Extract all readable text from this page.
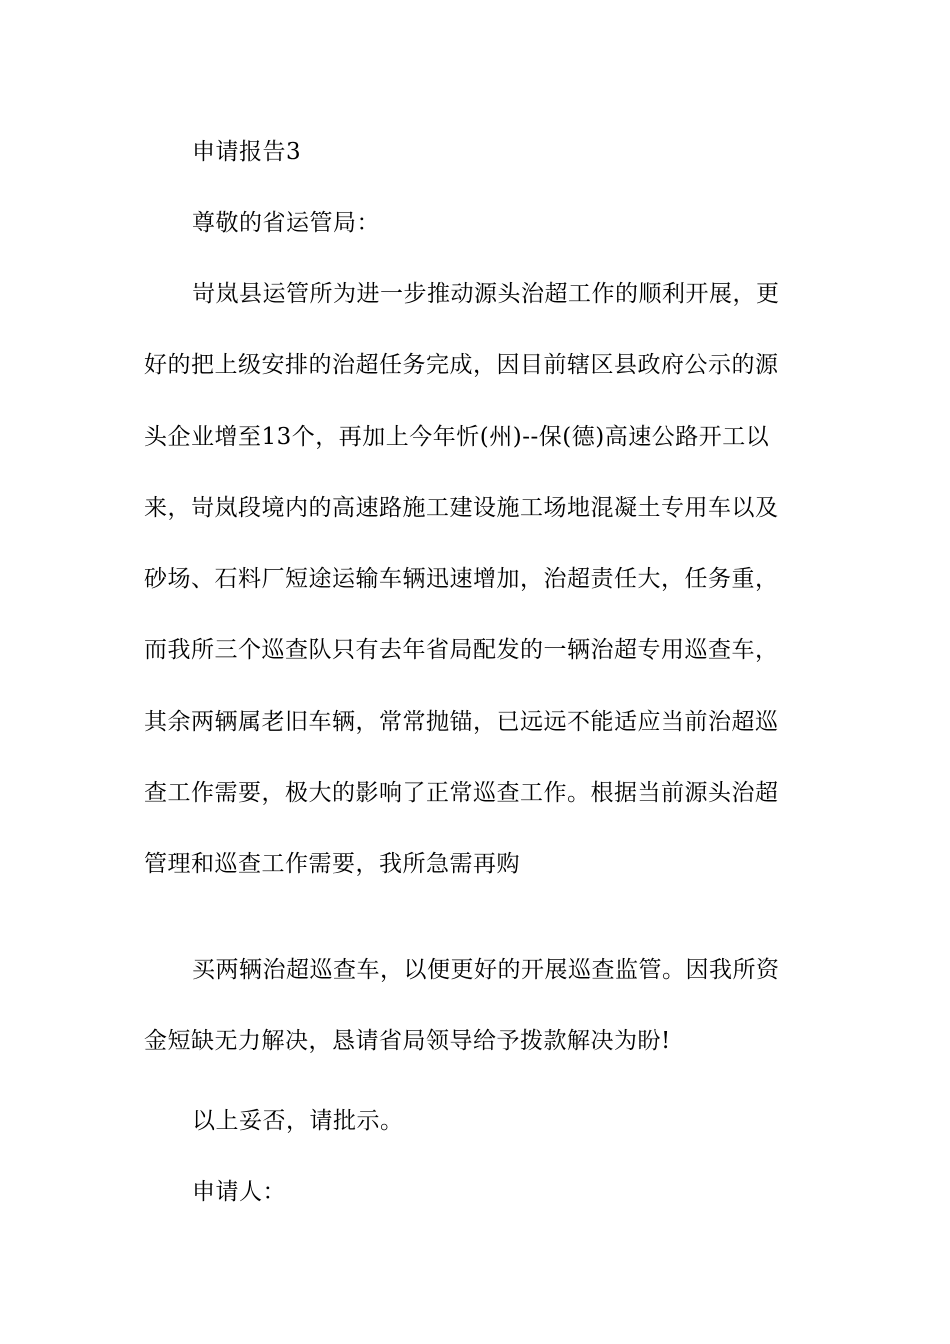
申请报告3
尊敬的省运管局：
岢岚县运管所为进一步推动源头治超工作的顺利开展，更
好的把上级安排的治超任务完成，因目前辖区县政府公示的源
头企业增至13个，再加上今年忻(州)--保(德)高速公路开工以
来，岢岚段境内的高速路施工建设施工场地混凝土专用车以及
砂场、石料厂短途运输车辆迅速增加，治超责任大，任务重，
而我所三个巡查队只有去年省局配发的一辆治超专用巡查车，
其余两辆属老旧车辆，常常抛锚，已远远不能适应当前治超巡
查工作需要，极大的影响了正常巡查工作。根据当前源头治超
管理和巡查工作需要，我所急需再购
买两辆治超巡查车，以便更好的开展巡查监管。因我所资
金短缺无力解决，恳请省局领导给予拨款解决为盼!
以上妥否，请批示。
申请人：
